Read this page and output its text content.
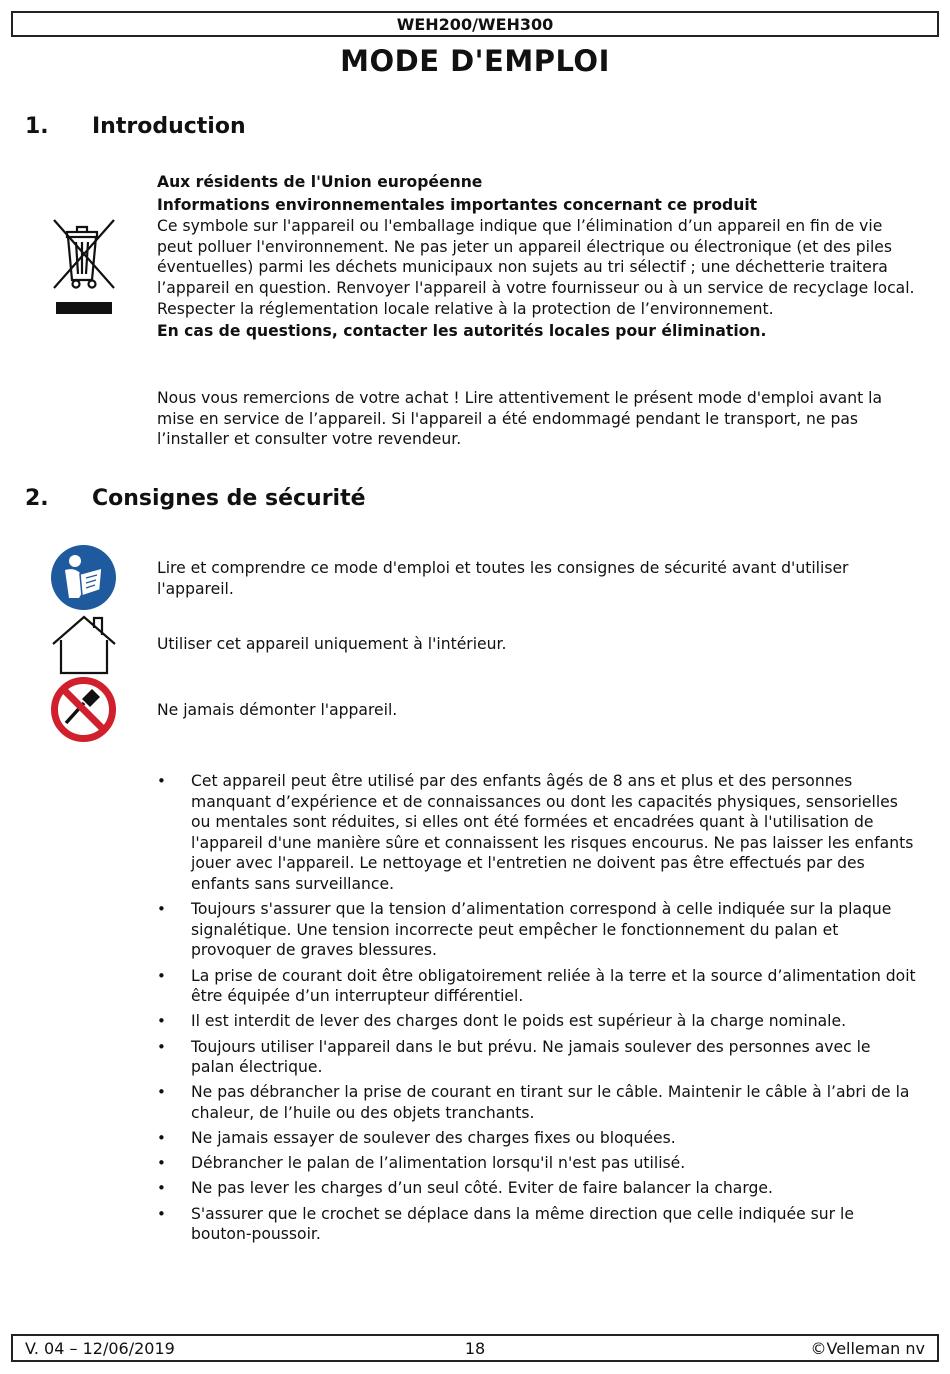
WEH200/WEH300
MODE D'EMPLOI
1. Introduction

Aux résidents de l'Union européenne

Informations environnementales importantes concernant ce produit

Ce symbole sur l'appareil ou l'emballage indique que l’élimination d’un appareil en fin de vie peut polluer l'environnement. Ne pas jeter un appareil électrique ou électronique (et des piles éventuelles) parmi les déchets municipaux non sujets au tri sélectif ; une déchetterie traitera l’appareil en question. Renvoyer l'appareil à votre fournisseur ou à un service de recyclage local. Respecter la réglementation locale relative à la protection de l’environnement.

En cas de questions, contacter les autorités locales pour élimination.

Nous vous remercions de votre achat ! Lire attentivement le présent mode d'emploi avant la mise en service de l’appareil. Si l'appareil a été endommagé pendant le transport, ne pas l’installer et consulter votre revendeur.

2. Consignes de sécurité
Lire et comprendre ce mode d'emploi et toutes les consignes de sécurité avant d'utiliser l'appareil.
Utiliser cet appareil uniquement à l'intérieur.
Ne jamais démonter l'appareil.
• Cet appareil peut être utilisé par des enfants âgés de 8 ans et plus et des personnes manquant d’expérience et de connaissances ou dont les capacités physiques, sensorielles ou mentales sont réduites, si elles ont été formées et encadrées quant à l'utilisation de l'appareil d'une manière sûre et connaissent les risques encourus. Ne pas laisser les enfants jouer avec l'appareil. Le nettoyage et l'entretien ne doivent pas être effectués par des enfants sans surveillance.
• Toujours s'assurer que la tension d’alimentation correspond à celle indiquée sur la plaque signalétique. Une tension incorrecte peut empêcher le fonctionnement du palan et provoquer de graves blessures.
• La prise de courant doit être obligatoirement reliée à la terre et la source d’alimentation doit être équipée d’un interrupteur différentiel.
• Il est interdit de lever des charges dont le poids est supérieur à la charge nominale.
• Toujours utiliser l'appareil dans le but prévu. Ne jamais soulever des personnes avec le palan électrique.
• Ne pas débrancher la prise de courant en tirant sur le câble. Maintenir le câble à l’abri de la chaleur, de l’huile ou des objets tranchants.
• Ne jamais essayer de soulever des charges fixes ou bloquées.
• Débrancher le palan de l’alimentation lorsqu'il n'est pas utilisé.
• Ne pas lever les charges d’un seul côté. Eviter de faire balancer la charge.
• S'assurer que le crochet se déplace dans la même direction que celle indiquée sur le bouton-poussoir.
V. 04 – 12/06/2019	18	©Velleman nv
